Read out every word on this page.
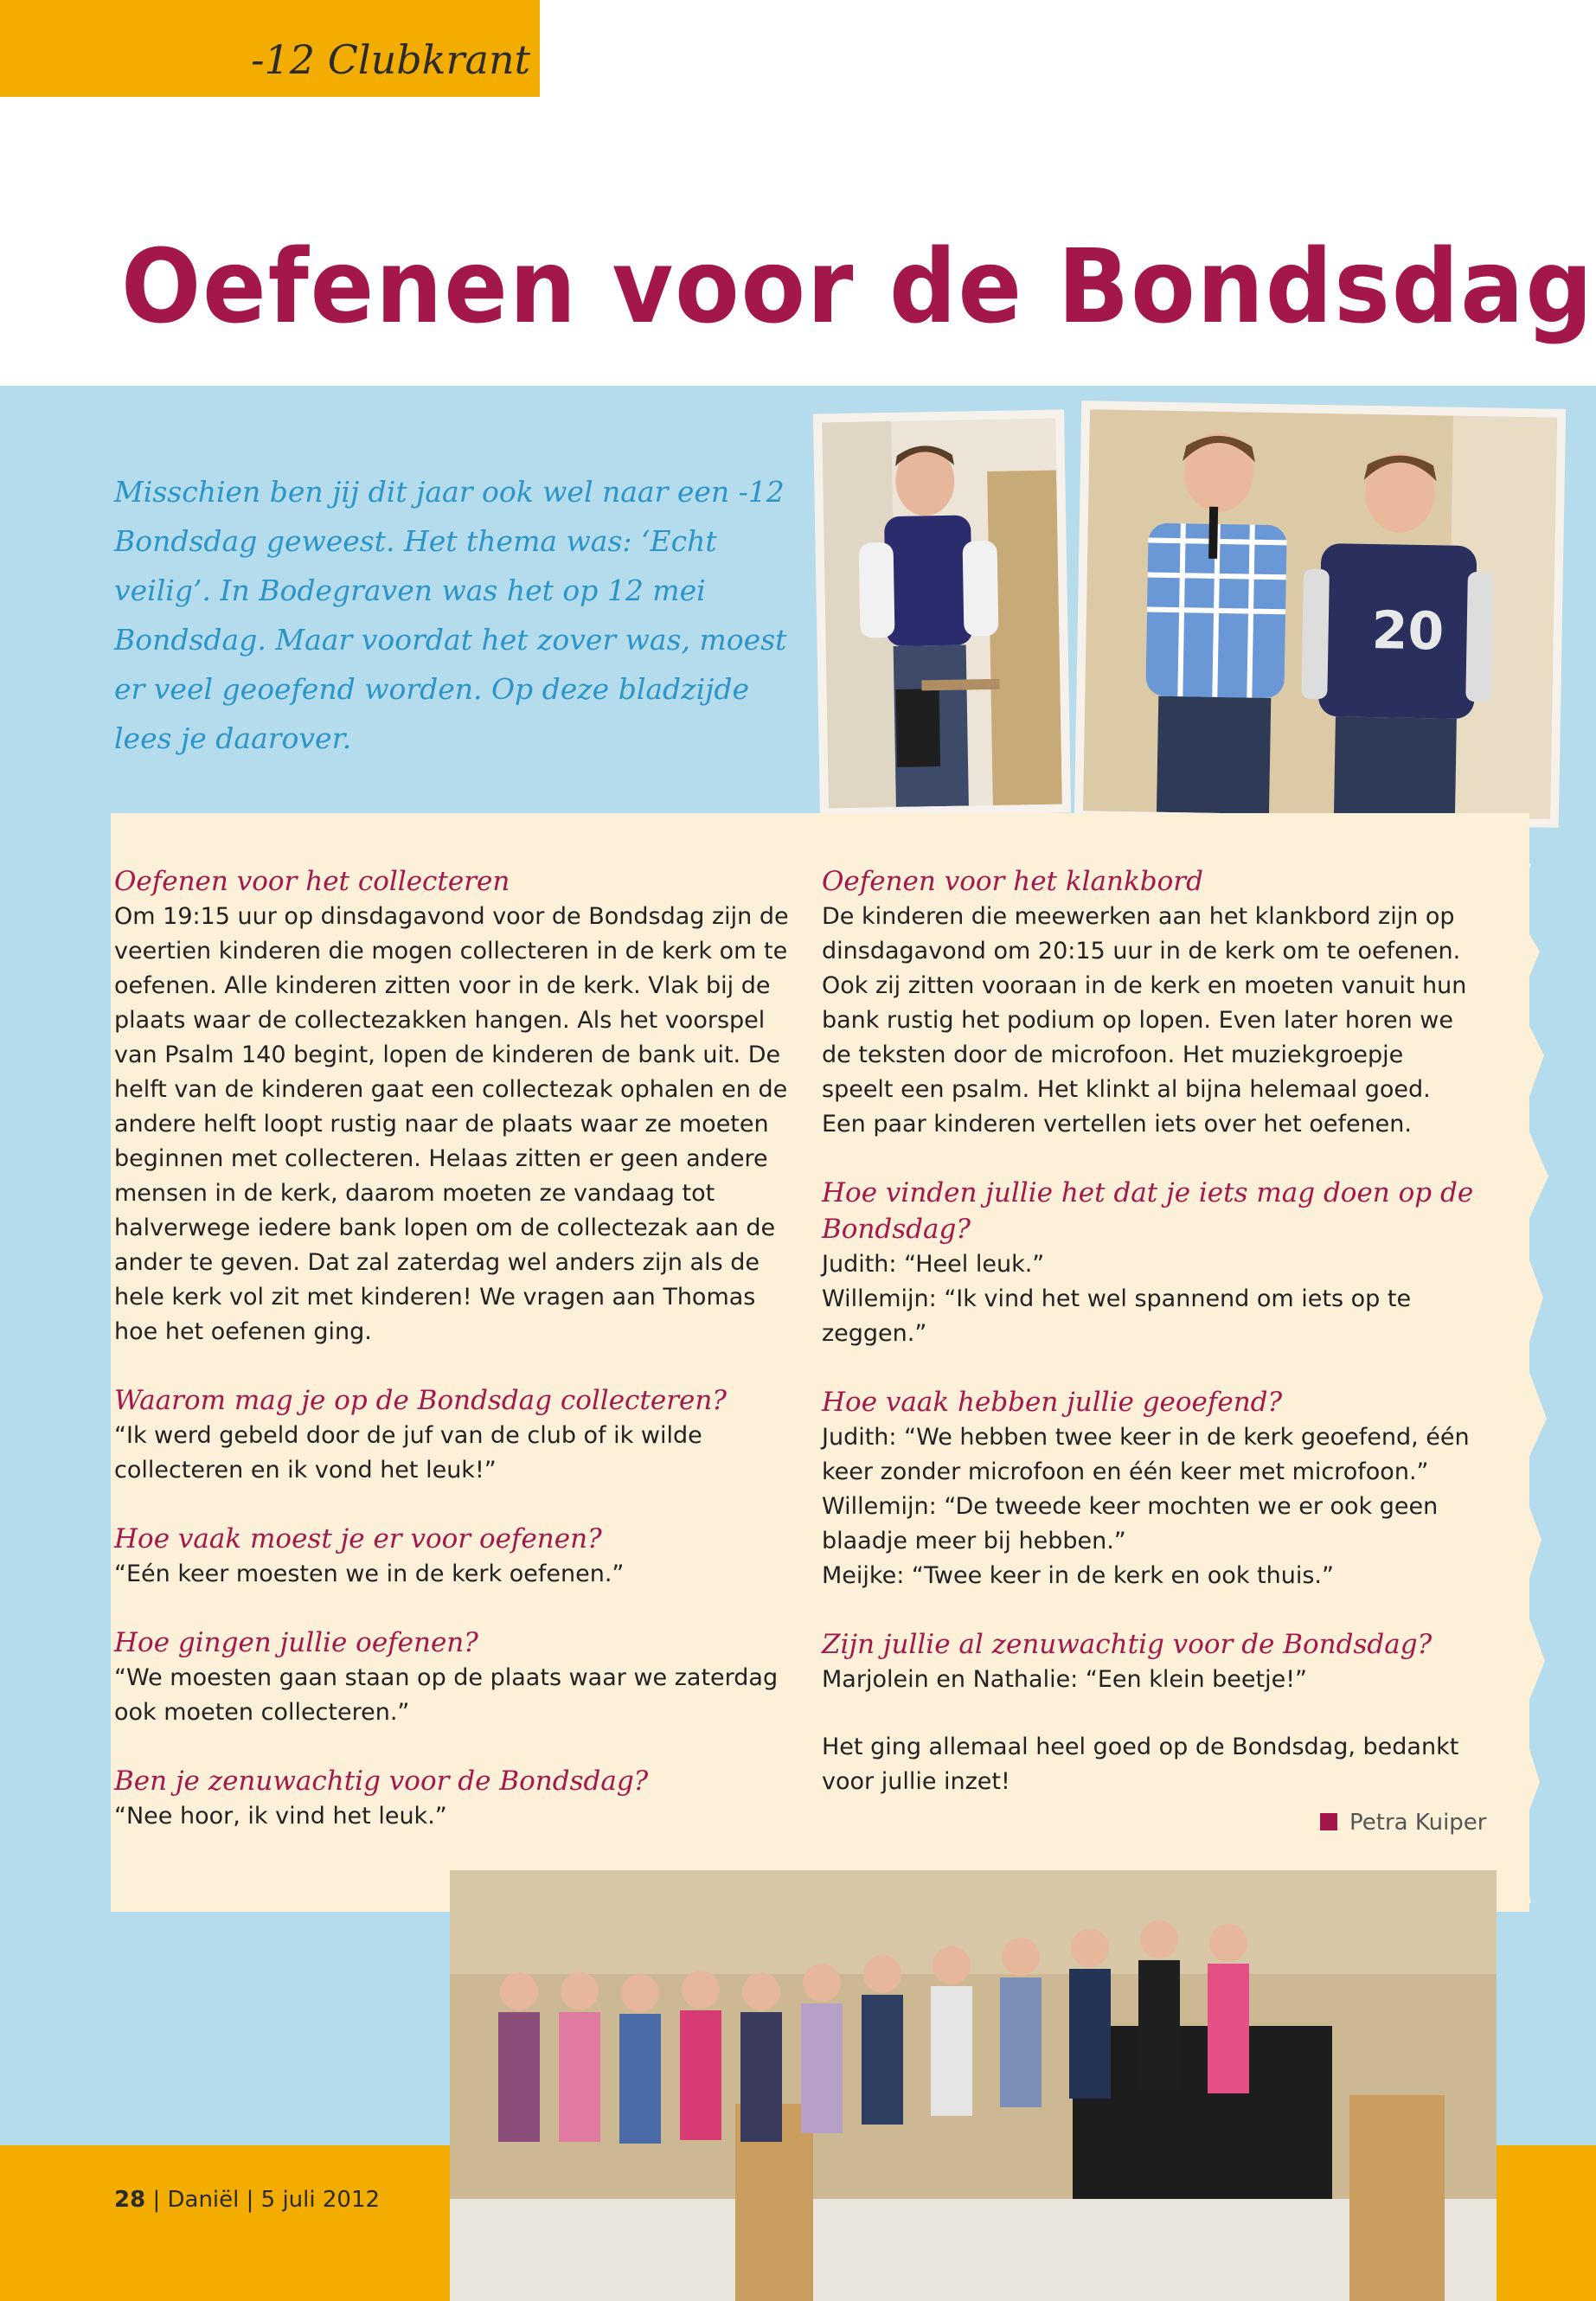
-12 Clubkrant
Oefenen voor de Bondsdag
Misschien ben jij dit jaar ook wel naar een -12 Bondsdag geweest. Het thema was: ‘Echt veilig’. In Bodegraven was het op 12 mei Bondsdag. Maar voordat het zover was, moest er veel geoefend worden. Op deze bladzijde lees je daarover.
20

Oefenen voor het collecteren

Om 19:15 uur op dinsdagavond voor de Bondsdag zijn de veertien kinderen die mogen collecteren in de kerk om te oefenen. Alle kinderen zitten voor in de kerk. Vlak bij de plaats waar de collectezakken hangen. Als het voorspel van Psalm 140 begint, lopen de kinderen de bank uit. De helft van de kinderen gaat een collectezak ophalen en de andere helft loopt rustig naar de plaats waar ze moeten beginnen met collecteren. Helaas zitten er geen andere mensen in de kerk, daarom moeten ze vandaag tot halverwege iedere bank lopen om de collectezak aan de ander te geven. Dat zal zaterdag wel anders zijn als de hele kerk vol zit met kinderen! We vragen aan Thomas hoe het oefenen ging.

Waarom mag je op de Bondsdag collecteren?

“Ik werd gebeld door de juf van de club of ik wilde collecteren en ik vond het leuk!”

Hoe vaak moest je er voor oefenen?

“Eén keer moesten we in de kerk oefenen.”

Hoe gingen jullie oefenen?

“We moesten gaan staan op de plaats waar we zaterdag ook moeten collecteren.”

Ben je zenuwachtig voor de Bondsdag?

“Nee hoor, ik vind het leuk.”

Oefenen voor het klankbord

De kinderen die meewerken aan het klankbord zijn op dinsdagavond om 20:15 uur in de kerk om te oefenen. Ook zij zitten vooraan in de kerk en moeten vanuit hun bank rustig het podium op lopen. Even later horen we de teksten door de microfoon. Het muziekgroepje speelt een psalm. Het klinkt al bijna helemaal goed. Een paar kinderen vertellen iets over het oefenen.

Hoe vinden jullie het dat je iets mag doen op de Bondsdag?

Judith: “Heel leuk.”

Willemijn: “Ik vind het wel spannend om iets op te zeggen.”

Hoe vaak hebben jullie geoefend?

Judith: “We hebben twee keer in de kerk geoefend, één keer zonder microfoon en één keer met microfoon.”

Willemijn: “De tweede keer mochten we er ook geen blaadje meer bij hebben.”

Meijke: “Twee keer in de kerk en ook thuis.”

Zijn jullie al zenuwachtig voor de Bondsdag?

Marjolein en Nathalie: “Een klein beetje!”

Het ging allemaal heel goed op de Bondsdag, bedankt voor jullie inzet!

Petra Kuiper
28 | Daniël | 5 juli 2012
